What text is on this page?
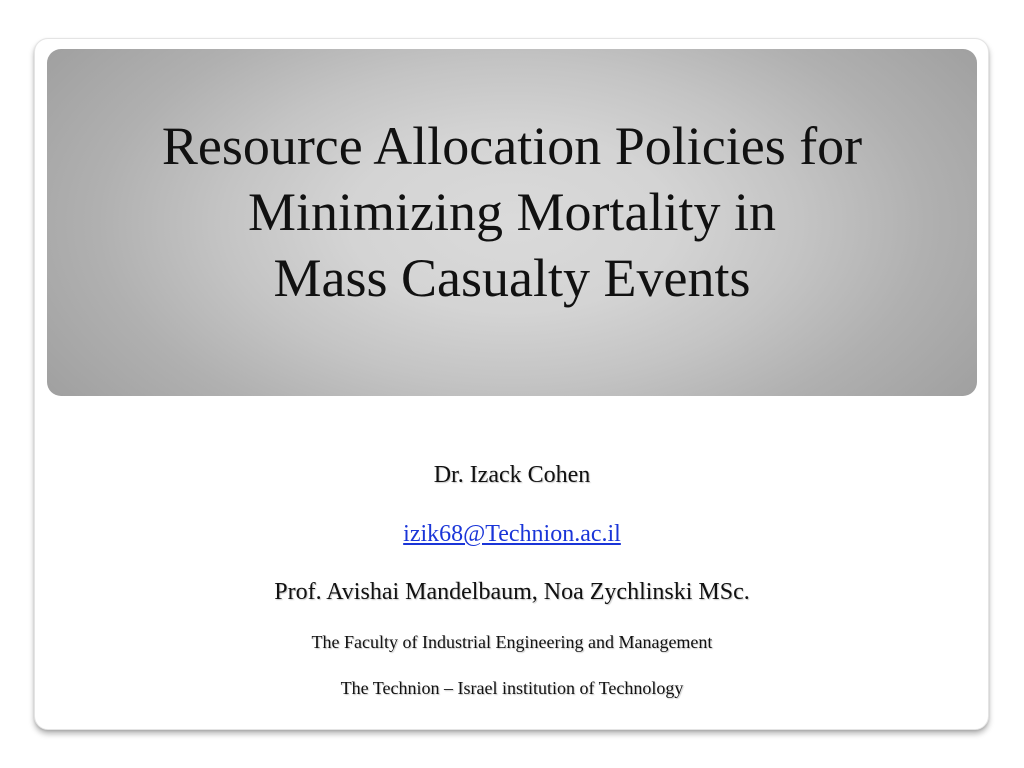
Resource Allocation Policies for
Minimizing Mortality in
Mass Casualty Events
Dr. Izack Cohen
izik68@Technion.ac.il
Prof. Avishai Mandelbaum, Noa Zychlinski MSc.
The Faculty of Industrial Engineering and Management
The Technion – Israel institution of Technology
